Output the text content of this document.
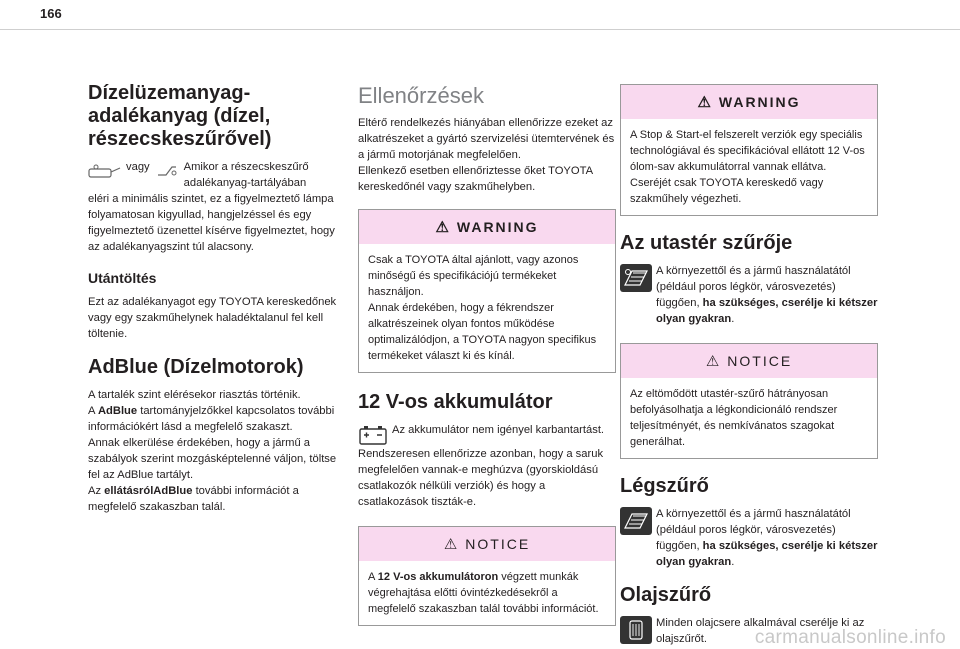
166
Dízelüzemanyag-adalékanyag (dízel, részecskeszűrővel)

vagy	Amikor a részecskeszűrő adalékanyag-tartályában

eléri a minimális szintet, ez a figyelmeztető lámpa folyamatosan kigyullad, hangjelzéssel és egy figyelmeztető üzenettel kísérve figyelmeztet, hogy az adalékanyagszint túl alacsony.

Utántöltés

Ezt az adalékanyagot egy TOYOTA kereskedőnek vagy egy szakműhelynek haladéktalanul fel kell töltenie.

AdBlue (Dízelmotorok)

A tartalék szint elérésekor riasztás történik.

A AdBlue tartományjelzőkkel kapcsolatos további információkért lásd a megfelelő szakaszt.

Annak elkerülése érdekében, hogy a jármű a szabályok szerint mozgásképtelenné váljon, töltse fel az AdBlue tartályt.

Az ellátásrólAdBlue további információt a megfelelő szakaszban talál.

Ellenőrzések

Eltérő rendelkezés hiányában ellenőrizze ezeket az alkatrészeket a gyártó szervizelési ütemtervének és a jármű motorjának megfelelően.

Ellenkező esetben ellenőriztesse őket TOYOTA kereskedőnél vagy szakműhelyben.

⚠ WARNING

Csak a TOYOTA által ajánlott, vagy azonos minőségű és specifikációjú termékeket használjon.

Annak érdekében, hogy a fékrendszer alkatrészeinek olyan fontos működése optimalizálódjon, a TOYOTA nagyon specifikus termékeket választ ki és kínál.

12 V-os akkumulátor

Az akkumulátor nem igényel karbantartást.

Rendszeresen ellenőrizze azonban, hogy a saruk megfelelően vannak-e meghúzva (gyorskioldású csatlakozók nélküli verziók) és hogy a csatlakozások tiszták-e.

⚠ NOTICE

A 12 V-os akkumulátoron végzett munkák végrehajtása előtti óvintézkedésekről a megfelelő szakaszban talál további információt.

⚠ WARNING

A Stop & Start-el felszerelt verziók egy speciális technológiával és specifikációval ellátott 12 V-os ólom-sav akkumulátorral vannak ellátva.

Cseréjét csak TOYOTA kereskedő vagy szakműhely végezheti.

Az utastér szűrője

A környezettől és a jármű használatától (például poros légkör, városvezetés) függően, ha szükséges, cserélje ki kétszer olyan gyakran.

⚠ NOTICE

Az eltömődött utastér-szűrő hátrányosan befolyásolhatja a légkondicionáló rendszer teljesítményét, és nemkívánatos szagokat generálhat.

Légszűrő

A környezettől és a jármű használatától (például poros légkör, városvezetés) függően, ha szükséges, cserélje ki kétszer olyan gyakran.

Olajszűrő

Minden olajcsere alkalmával cserélje ki az olajszűrőt.	carmanualsonline.info
